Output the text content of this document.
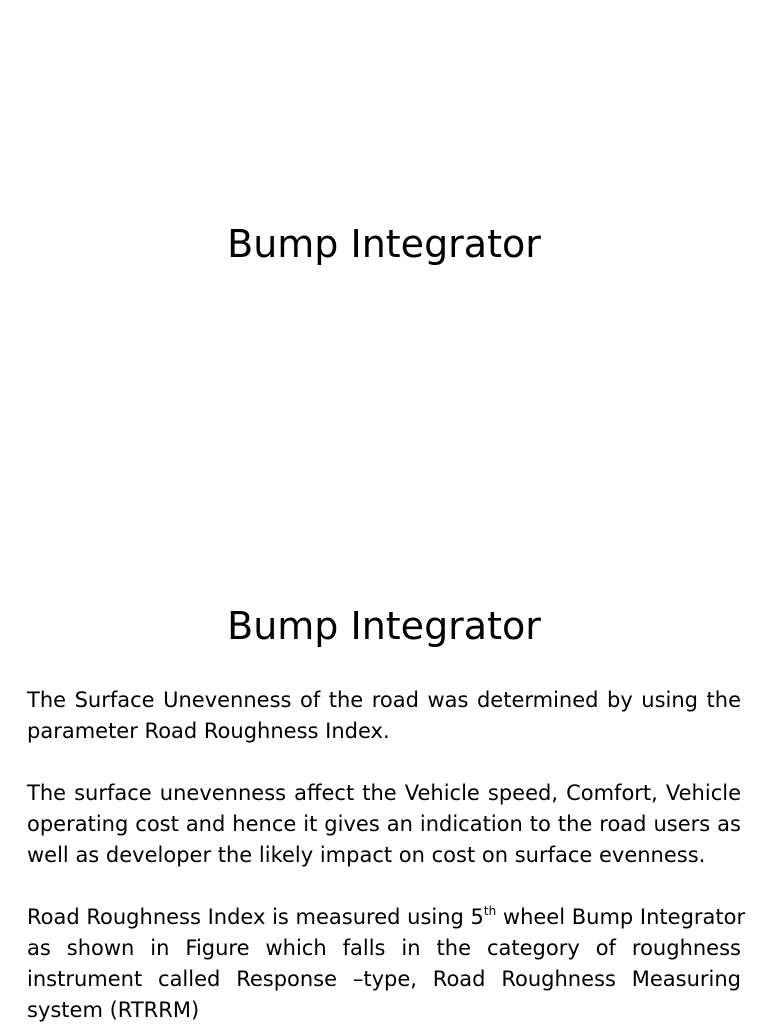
Bump Integrator
Bump Integrator

The Surface Unevenness of the road was determined by using the
parameter Road Roughness Index.

The surface unevenness affect the Vehicle speed, Comfort, Vehicle
operating cost and hence it gives an indication to the road users as
well as developer the likely impact on cost on surface evenness.

Road Roughness Index is measured using 5th wheel Bump Integrator
as shown in Figure which falls in the category of roughness
instrument called Response –type, Road Roughness Measuring
system (RTRRM)
